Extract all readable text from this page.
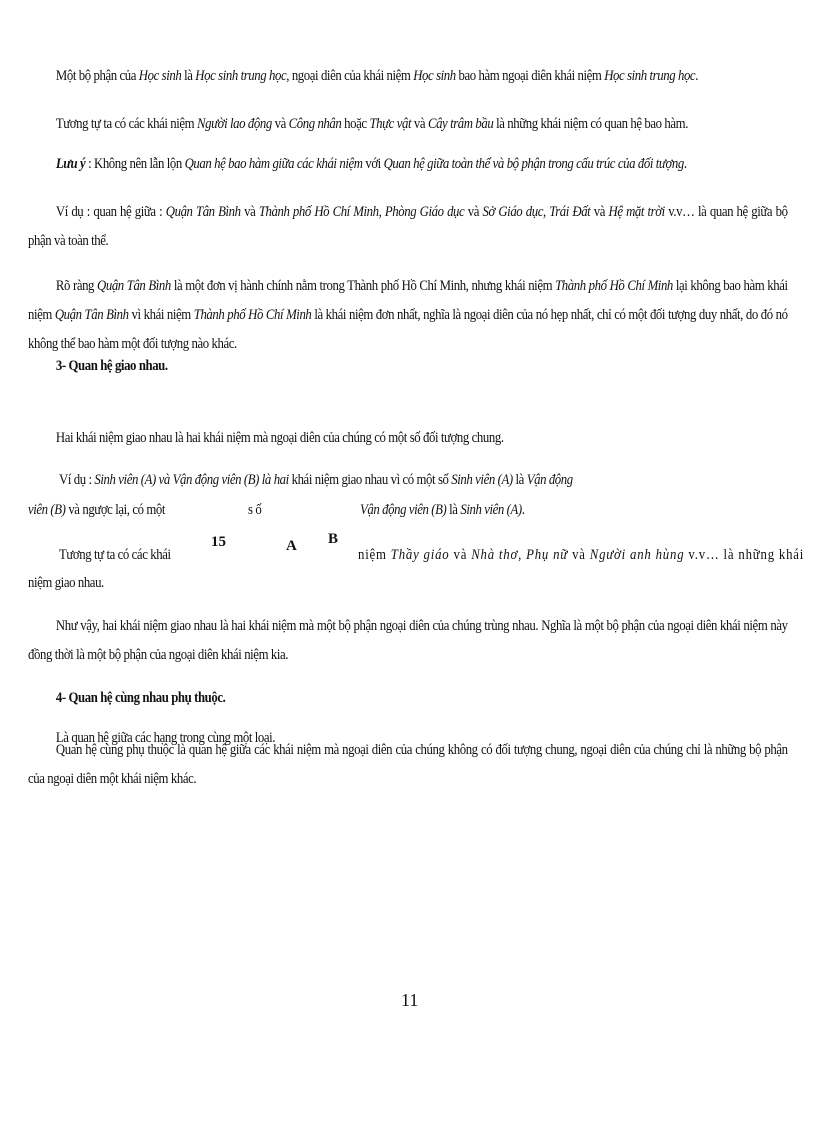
Một bộ phận của Học sinh là Học sinh trung học, ngoại diên của khái niệm Học sinh bao hàm ngoại diên khái niệm Học sinh trung học.

Tương tự ta có các khái niệm Người lao động và Công nhân hoặc Thực vật và Cây trâm bầu là những khái niệm có quan hệ bao hàm.

Lưu ý : Không nên lẫn lộn Quan hệ bao hàm giữa các khái niệm với Quan hệ giữa toàn thể và bộ phận trong cấu trúc của đối tượng.

Ví dụ : quan hệ giữa : Quận Tân Bình và Thành phố Hồ Chí Minh, Phòng Giáo dục và Sở Giáo dục, Trái Đất và Hệ mặt trời v.v… là quan hệ giữa bộ phận và toàn thể.

Rõ ràng Quận Tân Bình là một đơn vị hành chính nằm trong Thành phố Hồ Chí Minh, nhưng khái niệm Thành phố Hồ Chí Minh lại không bao hàm khái niệm Quận Tân Bình vì khái niệm Thành phố Hồ Chí Minh là khái niệm đơn nhất, nghĩa là ngoại diên của nó hẹp nhất, chỉ có một đối tượng duy nhất, do đó nó không thể bao hàm một đối tượng nào khác.

3- Quan hệ giao nhau.

Hai khái niệm giao nhau là hai khái niệm mà ngoại diên của chúng có một số đối tượng chung.

Ví dụ : Sinh viên (A) và Vận động viên (B) là hai khái niệm giao nhau vì có một số Sinh viên (A) là Vận động
viên (B) và ngược lại, có một	s ố	Vận động viên (B) là Sinh viên (A).
Tương tự ta có các khái
15	A B
niệm Thầy giáo và Nhà thơ, Phụ nữ và Người anh hùng v.v… là những khái
niệm giao nhau.

Như vậy, hai khái niệm giao nhau là hai khái niệm mà một bộ phận ngoại diên của chúng trùng nhau. Nghĩa là một bộ phận của ngoại diên khái niệm này đồng thời là một bộ phận của ngoại diên khái niệm kia.

4- Quan hệ cùng nhau phụ thuộc.

Là quan hệ giữa các hạng trong cùng một loại.

Quan hệ cùng phụ thuộc là quan hệ giữa các khái niệm mà ngoại diên của chúng không có đối tượng chung, ngoại diên của chúng chỉ là những bộ phận của ngoại diên một khái niệm khác.

11
